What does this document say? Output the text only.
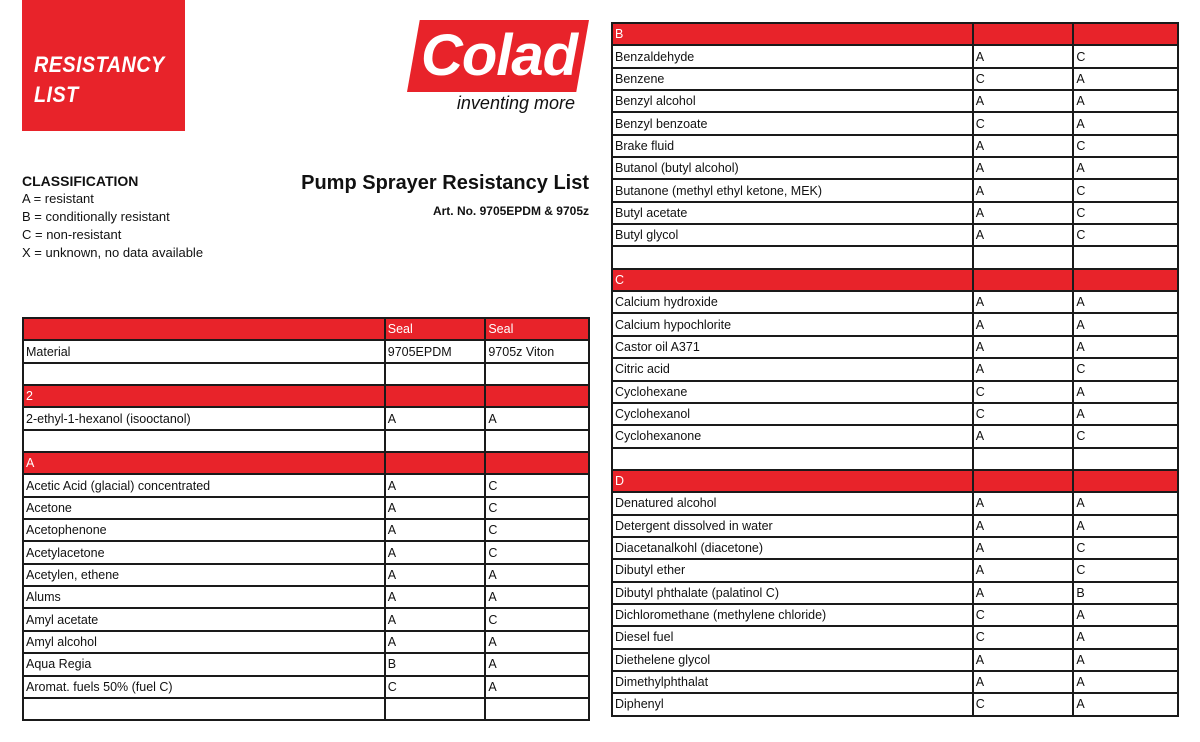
RESISTANCY
LIST
Colad
inventing more
CLASSIFICATION
A = resistant
B = conditionally resistant
C = non-resistant
X = unknown, no data available
Pump Sprayer Resistancy List
Art. No. 9705EPDM & 9705z
	Seal	Seal
Material	9705EPDM	9705z Viton

2		
2-ethyl-1-hexanol (isooctanol)	A	A

A		
Acetic Acid (glacial) concentrated	A	C
Acetone	A	C
Acetophenone	A	C
Acetylacetone	A	C
Acetylen, ethene	A	A
Alums	A	A
Amyl acetate	A	C
Amyl alcohol	A	A
Aqua Regia	B	A
Aromat. fuels 50% (fuel C)	C	A

B		
Benzaldehyde	A	C
Benzene	C	A
Benzyl alcohol	A	A
Benzyl benzoate	C	A
Brake fluid	A	C
Butanol (butyl alcohol)	A	A
Butanone (methyl ethyl ketone, MEK)	A	C
Butyl acetate	A	C
Butyl glycol	A	C

C		
Calcium hydroxide	A	A
Calcium hypochlorite	A	A
Castor oil A371	A	A
Citric acid	A	C
Cyclohexane	C	A
Cyclohexanol	C	A
Cyclohexanone	A	C

D		
Denatured alcohol	A	A
Detergent dissolved in water	A	A
Diacetanalkohl (diacetone)	A	C
Dibutyl ether	A	C
Dibutyl phthalate (palatinol C)	A	B
Dichloromethane (methylene chloride)	C	A
Diesel fuel	C	A
Diethelene glycol	A	A
Dimethylphthalat	A	A
Diphenyl	C	A
